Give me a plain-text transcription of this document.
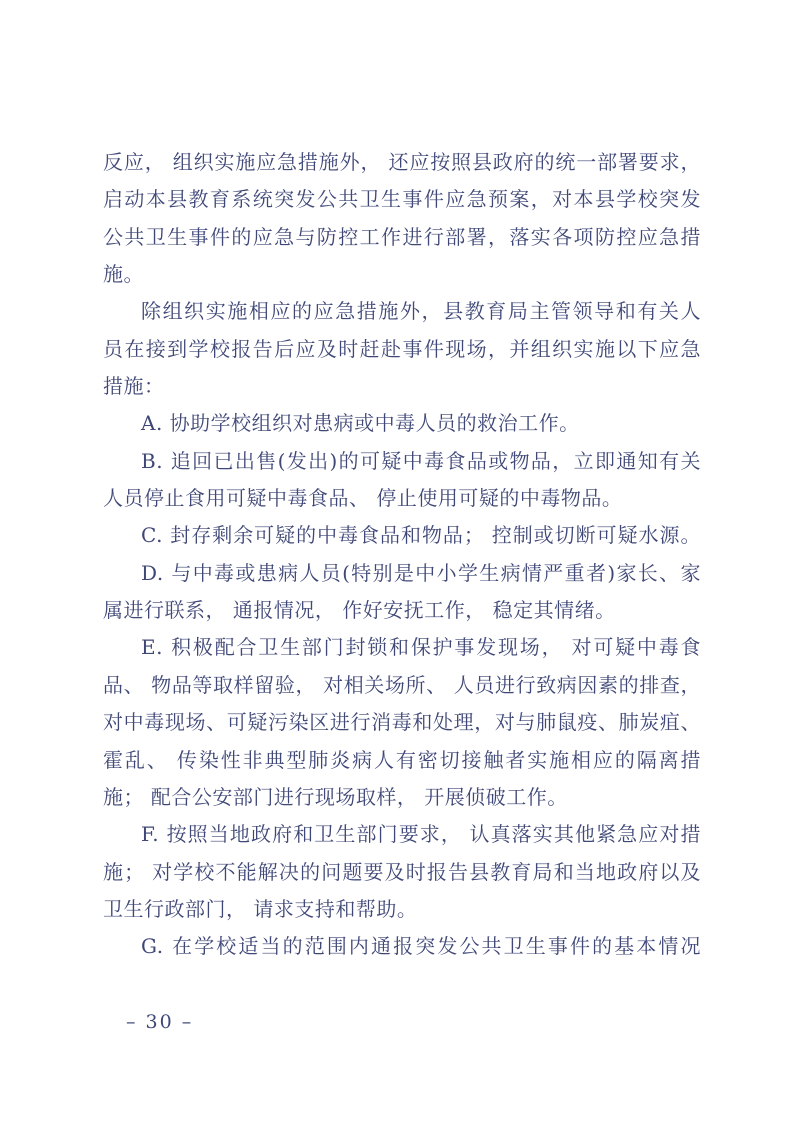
反应， 组织实施应急措施外， 还应按照县政府的统一部署要求，
启动本县教育系统突发公共卫生事件应急预案，对本县学校突发
公共卫生事件的应急与防控工作进行部署，落实各项防控应急措
施。
除组织实施相应的应急措施外，县教育局主管领导和有关人
员在接到学校报告后应及时赶赴事件现场，并组织实施以下应急
措施：
A. 协助学校组织对患病或中毒人员的救治工作。
B. 追回已出售(发出)的可疑中毒食品或物品，立即通知有关
人员停止食用可疑中毒食品、 停止使用可疑的中毒物品。
C. 封存剩余可疑的中毒食品和物品； 控制或切断可疑水源。
D. 与中毒或患病人员(特别是中小学生病情严重者)家长、家
属进行联系， 通报情况， 作好安抚工作， 稳定其情绪。
E. 积极配合卫生部门封锁和保护事发现场， 对可疑中毒食
品、 物品等取样留验， 对相关场所、 人员进行致病因素的排查，
对中毒现场、可疑污染区进行消毒和处理，对与肺鼠疫、肺炭疽、
霍乱、 传染性非典型肺炎病人有密切接触者实施相应的隔离措
施； 配合公安部门进行现场取样， 开展侦破工作。
F. 按照当地政府和卫生部门要求， 认真落实其他紧急应对措
施； 对学校不能解决的问题要及时报告县教育局和当地政府以及
卫生行政部门， 请求支持和帮助。
G. 在学校适当的范围内通报突发公共卫生事件的基本情况
– 30 –
